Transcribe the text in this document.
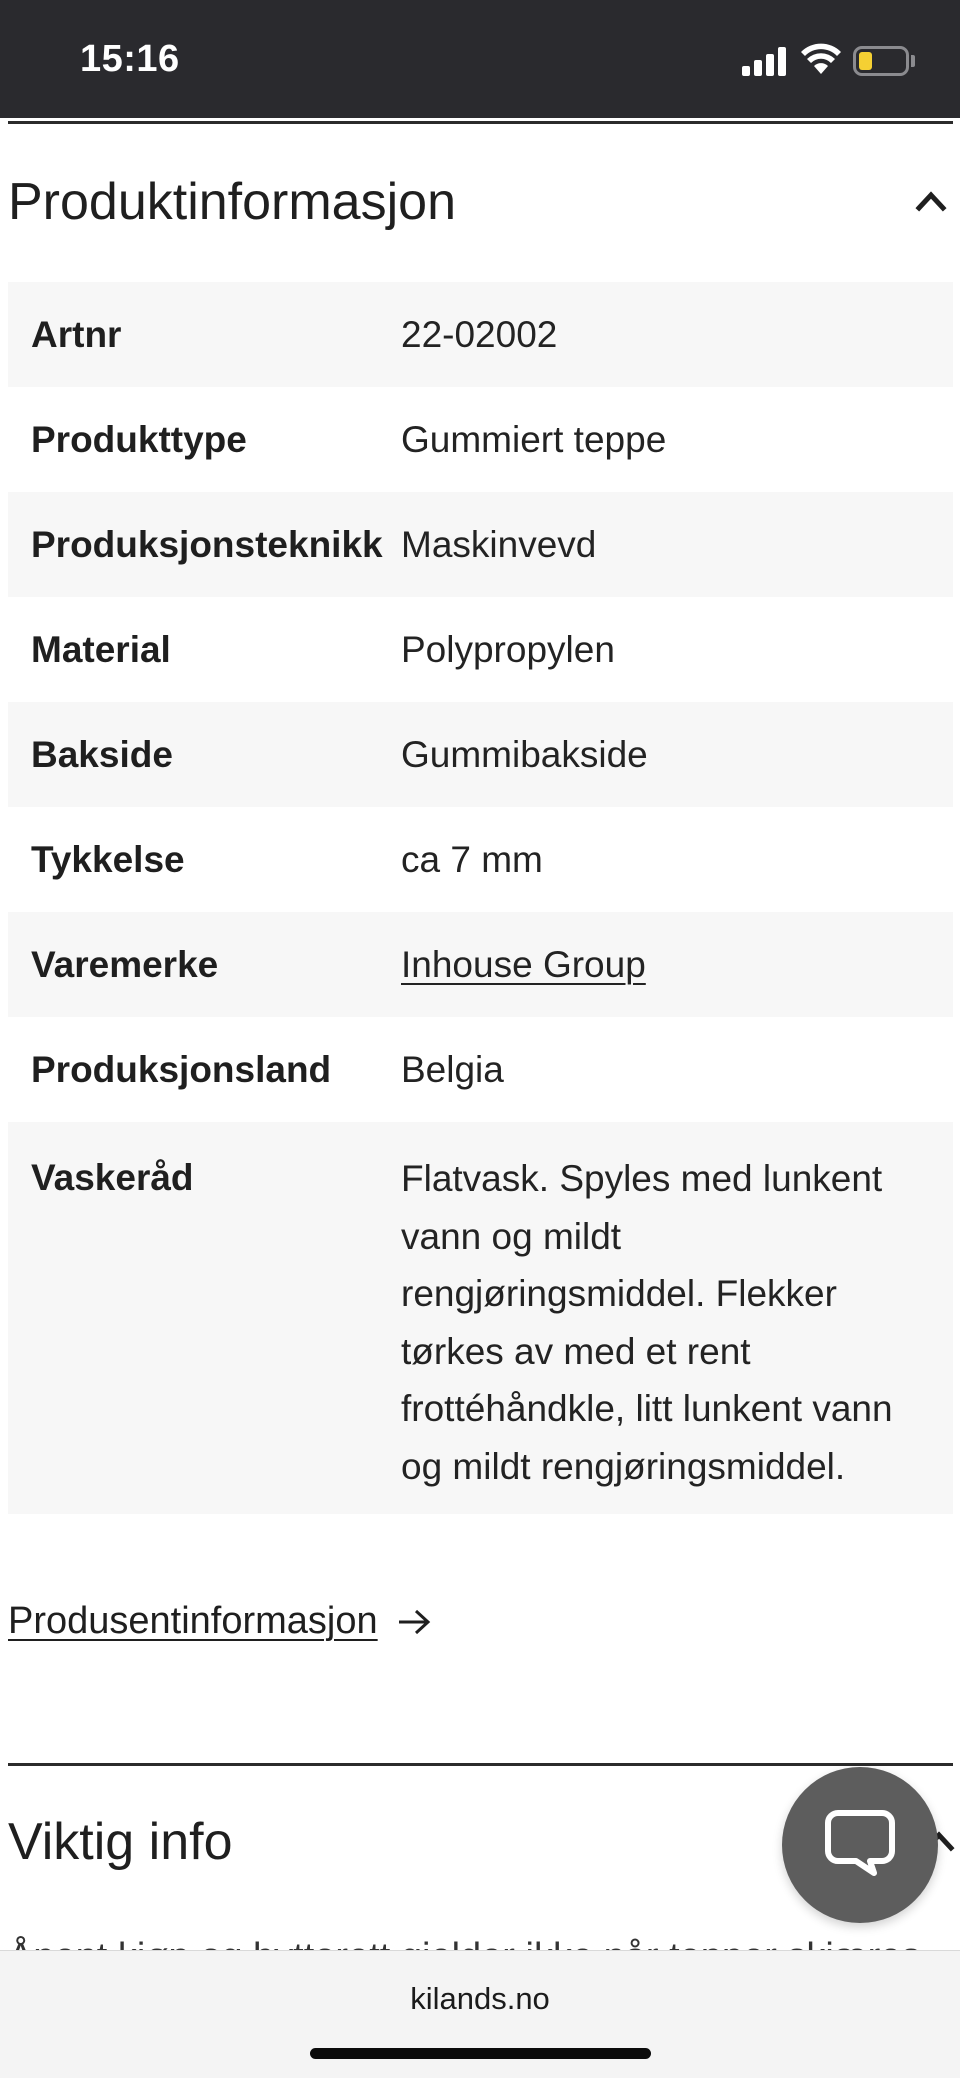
15:16
Produktinformasjon
Artnr	22-02002
Produkttype	Gummiert teppe
Produksjonsteknikk Maskinvevd
Material	Polypropylen
Bakside	Gummibakside
Tykkelse	ca 7 mm
Varemerke	Inhouse Group
Produksjonsland	Belgia
Vaskeråd	Flatvask. Spyles med lunkent vann og mildt rengjøringsmiddel. Flekker tørkes av med et rent frottéhåndkle, litt lunkent vann og mildt rengjøringsmiddel.
Produsentinformasjon
Viktig info
kilands.no
